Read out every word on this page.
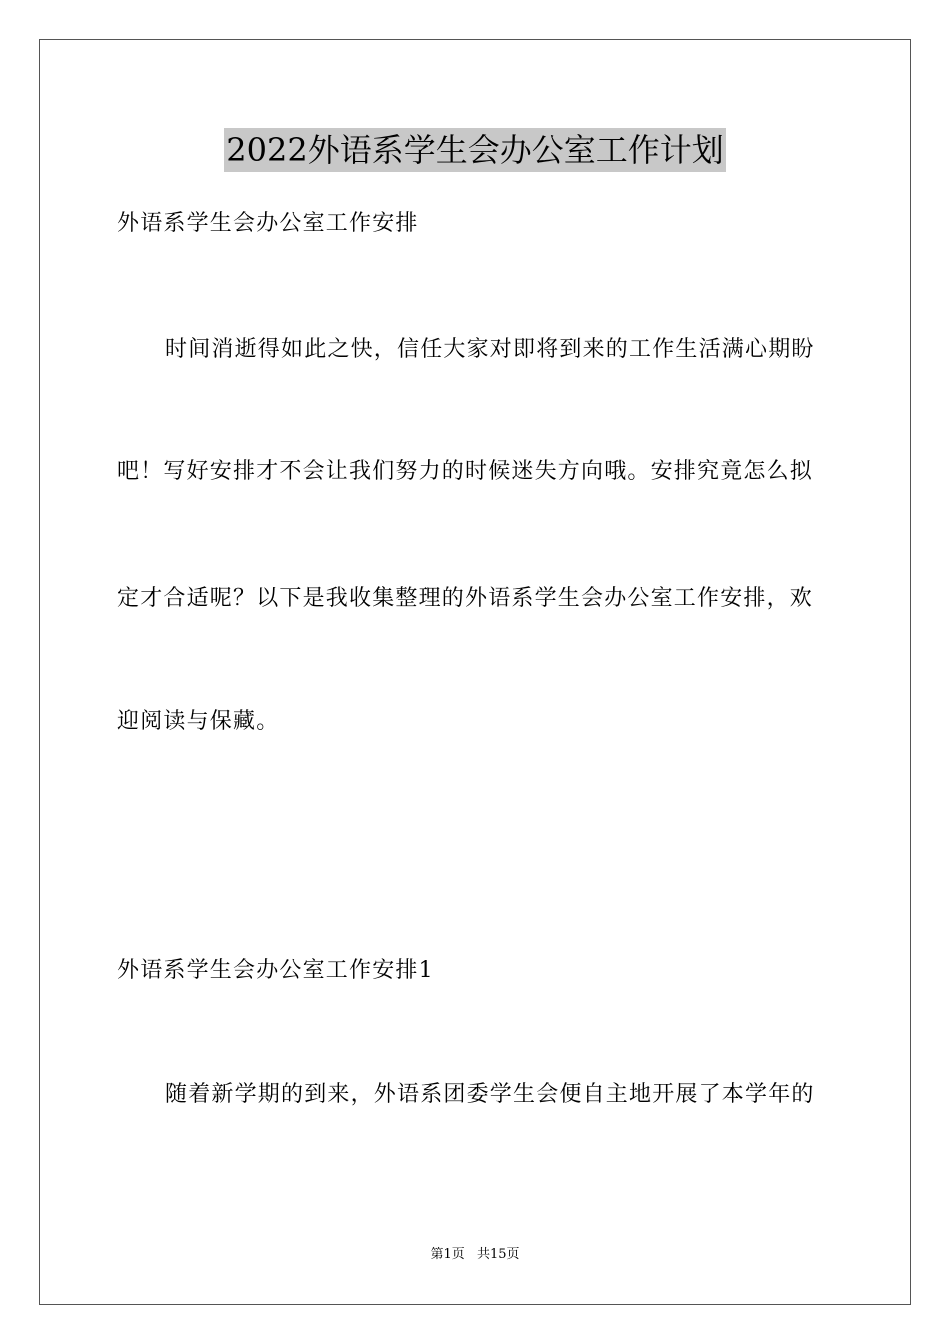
2022外语系学生会办公室工作计划
外语系学生会办公室工作安排
时间消逝得如此之快，信任大家对即将到来的工作生活满心期盼
吧！写好安排才不会让我们努力的时候迷失方向哦。安排究竟怎么拟
定才合适呢？以下是我收集整理的外语系学生会办公室工作安排，欢
迎阅读与保藏。
外语系学生会办公室工作安排1
随着新学期的到来，外语系团委学生会便自主地开展了本学年的
第1页 共15页
